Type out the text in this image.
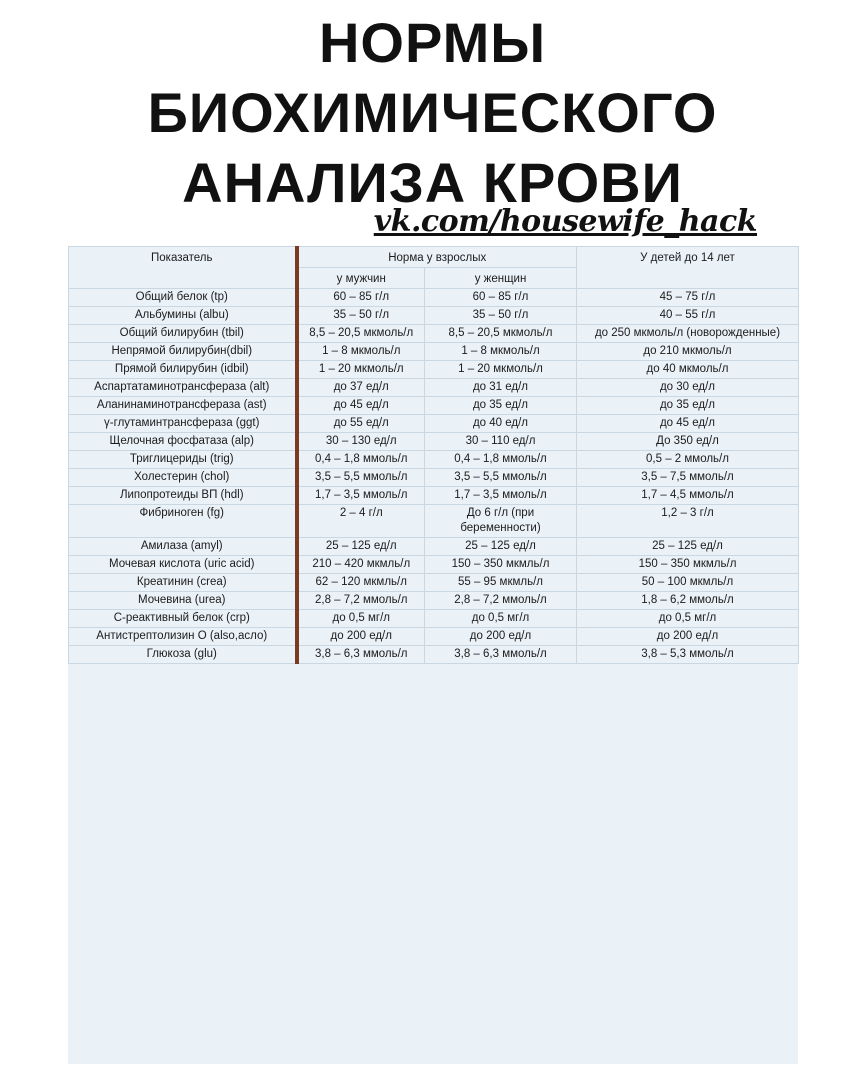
НОРМЫ
БИОХИМИЧЕСКОГО
АНАЛИЗА КРОВИ
vk.com/housewife_hack
Показатель	Норма у взрослых		У детей до 14 лет
	у мужчин	у женщин	
Общий белок (tp)	60 – 85 г/л	60 – 85 г/л	45 – 75 г/л
Альбумины (albu)	35 – 50 г/л	35 – 50 г/л	40 – 55 г/л
Общий билирубин (tbil)	8,5 – 20,5 мкмоль/л	8,5 – 20,5 мкмоль/л	до 250 мкмоль/л (новорожденные)
Непрямой билирубин(dbil)	1 – 8 мкмоль/л	1 – 8 мкмоль/л	до 210 мкмоль/л
Прямой билирубин (idbil)	1 – 20 мкмоль/л	1 – 20 мкмоль/л	до 40 мкмоль/л
Аспартатаминотрансфераза (alt)	до 37 ед/л	до 31 ед/л	до 30 ед/л
Аланинаминотрансфераза (ast)	до 45 ед/л	до 35 ед/л	до 35 ед/л
γ-глутаминтрансфераза (ggt)	до 55 ед/л	до 40 ед/л	до 45 ед/л
Щелочная фосфатаза (alp)	30 – 130 ед/л	30 – 110 ед/л	До 350 ед/л
Триглицериды (trig)	0,4 – 1,8 ммоль/л	0,4 – 1,8 ммоль/л	0,5 – 2 ммоль/л
Холестерин (chol)	3,5 – 5,5 ммоль/л	3,5 – 5,5 ммоль/л	3,5 – 7,5 ммоль/л
Липопротеиды ВП (hdl)	1,7 – 3,5 ммоль/л	1,7 – 3,5 ммоль/л	1,7 – 4,5 ммоль/л
Фибриноген (fg)	2 – 4 г/л	До 6 г/л (при беременности)	1,2 – 3 г/л
Амилаза (amyl)	25 – 125 ед/л	25 – 125 ед/л	25 – 125 ед/л
Мочевая кислота (uric acid)	210 – 420 мкмль/л	150 – 350 мкмль/л	150 – 350 мкмль/л
Креатинин (crea)	62 – 120 мкмль/л	55 – 95 мкмль/л	50 – 100 мкмль/л
Мочевина (urea)	2,8 – 7,2 ммоль/л	2,8 – 7,2 ммоль/л	1,8 – 6,2 ммоль/л
С-реактивный белок (crp)	до 0,5 мг/л	до 0,5 мг/л	до 0,5 мг/л
Антистрептолизин О (also,асло)	до 200 ед/л	до 200 ед/л	до 200 ед/л
Глюкоза (glu)	3,8 – 6,3 ммоль/л	3,8 – 6,3 ммоль/л	3,8 – 5,3 ммоль/л
